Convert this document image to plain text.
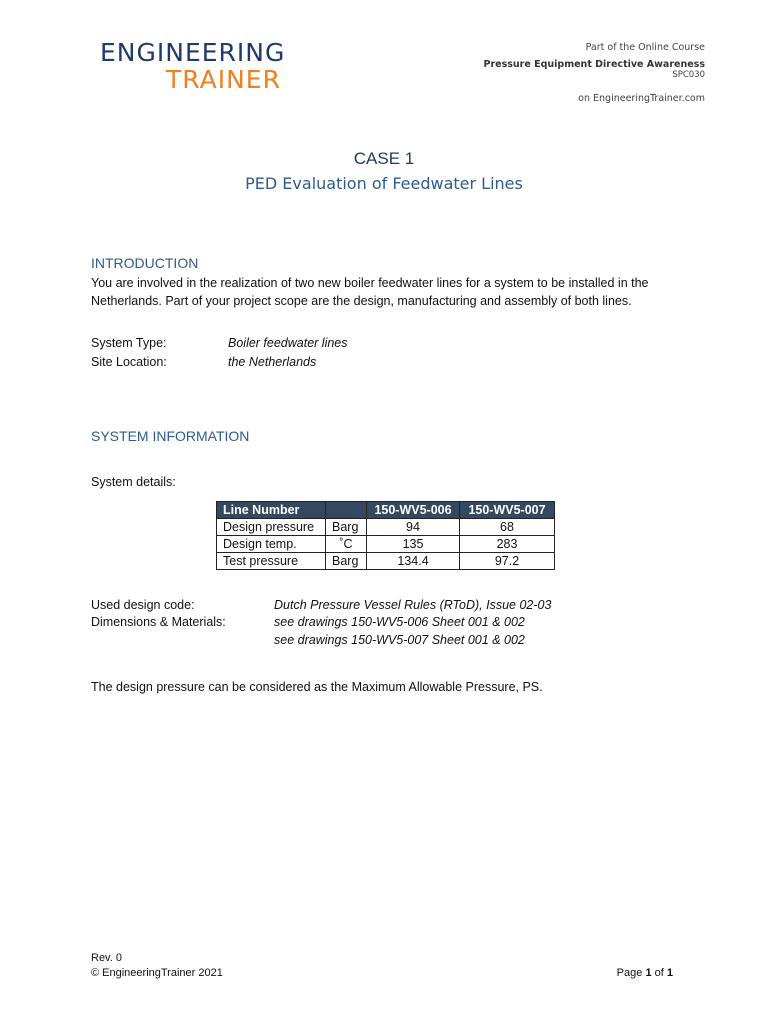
ENGINEERING
TRAINER
Part of the Online Course
Pressure Equipment Directive Awareness
SPC030
on EngineeringTrainer.com
CASE 1
PED Evaluation of Feedwater Lines
INTRODUCTION
You are involved in the realization of two new boiler feedwater lines for a system to be installed in the
Netherlands. Part of your project scope are the design, manufacturing and assembly of both lines.
System Type:	Boiler feedwater lines
Site Location:	the Netherlands
SYSTEM INFORMATION
System details:
Line Number		150-WV5-006	150-WV5-007
Design pressure	Barg	94	68
Design temp.	˚C	135	283
Test pressure	Barg	134.4	97.2
Used design code:	Dutch Pressure Vessel Rules (RToD), Issue 02-03
Dimensions & Materials:	see drawings 150-WV5-006 Sheet 001 & 002
see drawings 150-WV5-007 Sheet 001 & 002
The design pressure can be considered as the Maximum Allowable Pressure, PS.
Rev. 0
© EngineeringTrainer 2021	Page 1 of 1
